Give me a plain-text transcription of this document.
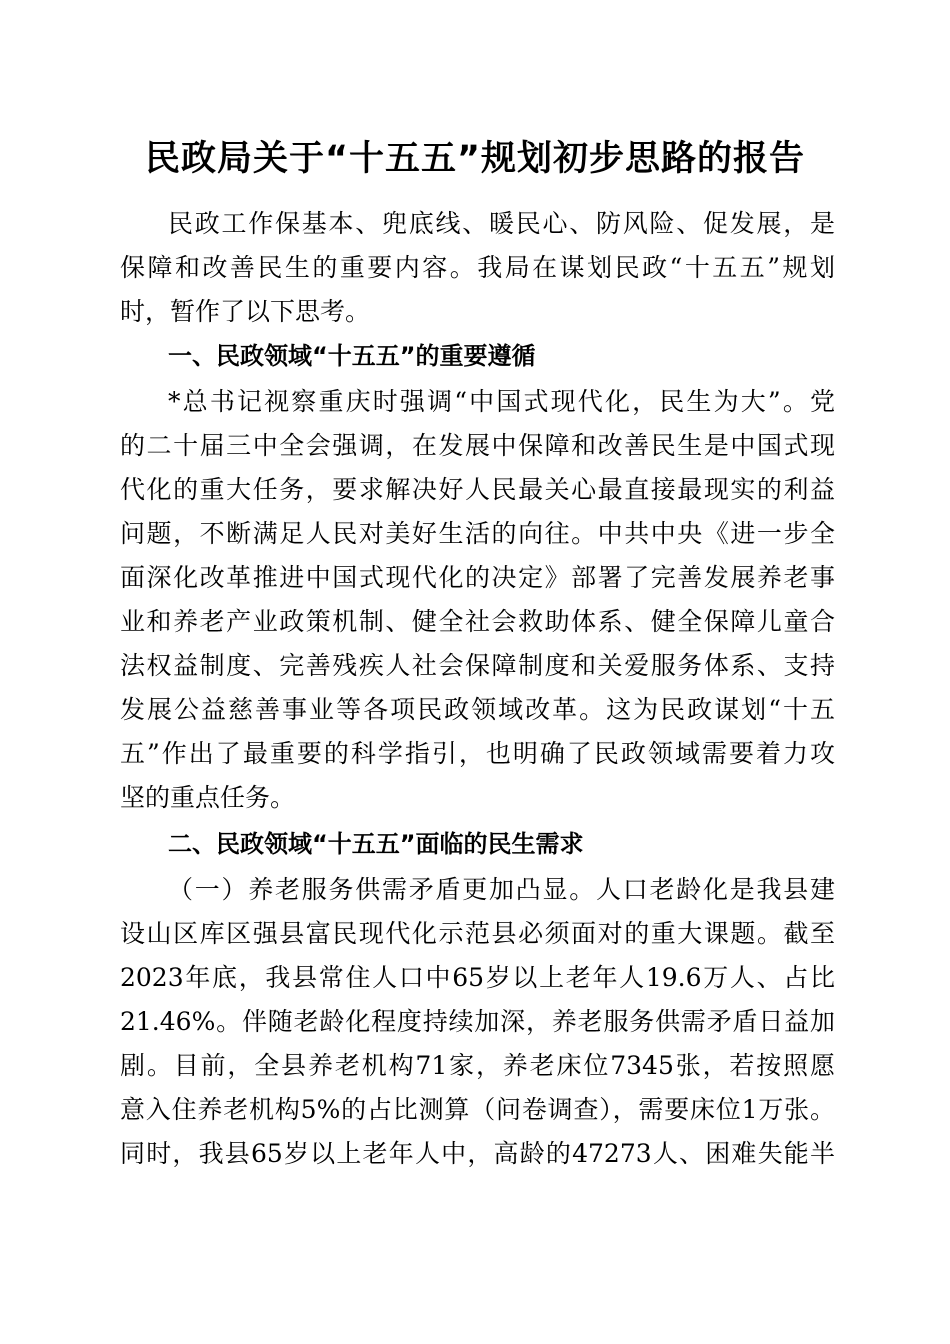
民政局关于“十五五”规划初步思路的报告
民政工作保基本、兜底线、暖民心、防风险、促发展，是
保障和改善民生的重要内容。我局在谋划民政“十五五”规划
时，暂作了以下思考。
一、民政领域“十五五”的重要遵循
*总书记视察重庆时强调“中国式现代化，民生为大”。党
的二十届三中全会强调，在发展中保障和改善民生是中国式现
代化的重大任务，要求解决好人民最关心最直接最现实的利益
问题，不断满足人民对美好生活的向往。中共中央《进一步全
面深化改革推进中国式现代化的决定》部署了完善发展养老事
业和养老产业政策机制、健全社会救助体系、健全保障儿童合
法权益制度、完善残疾人社会保障制度和关爱服务体系、支持
发展公益慈善事业等各项民政领域改革。这为民政谋划“十五
五”作出了最重要的科学指引，也明确了民政领域需要着力攻
坚的重点任务。
二、民政领域“十五五”面临的民生需求
（一）养老服务供需矛盾更加凸显。人口老龄化是我县建
设山区库区强县富民现代化示范县必须面对的重大课题。截至
2023年底，我县常住人口中65岁以上老年人19.6万人、占比
21.46%。伴随老龄化程度持续加深，养老服务供需矛盾日益加
剧。目前，全县养老机构71家，养老床位7345张，若按照愿
意入住养老机构5%的占比测算（问卷调查），需要床位1万张。
同时，我县65岁以上老年人中，高龄的47273人、困难失能半
